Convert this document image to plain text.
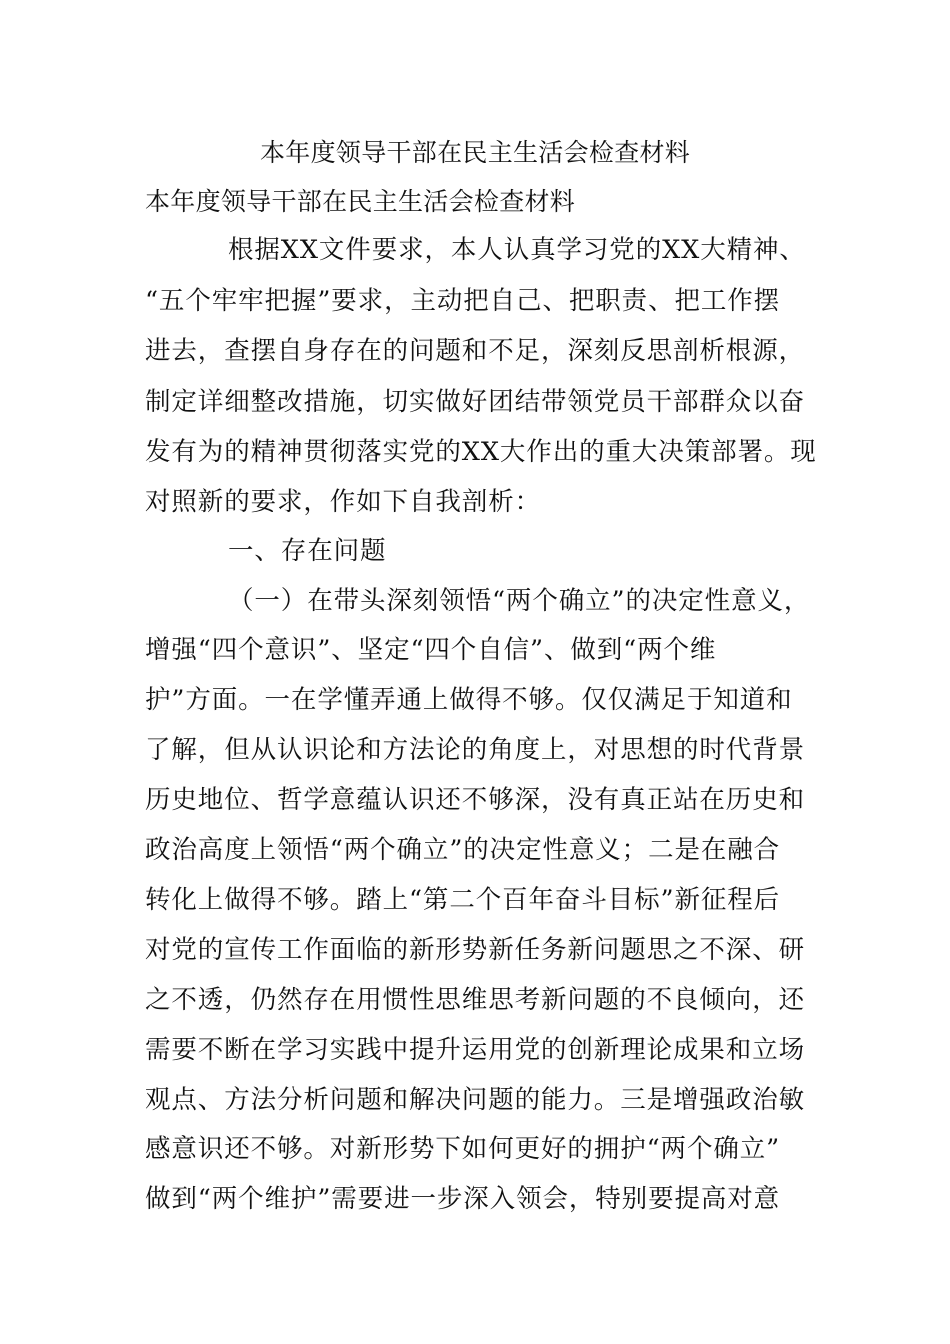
本年度领导干部在民主生活会检查材料
本年度领导干部在民主生活会检查材料
根据XX文件要求，本人认真学习党的XX大精神、
“五个牢牢把握”要求，主动把自己、把职责、把工作摆
进去，查摆自身存在的问题和不足，深刻反思剖析根源，
制定详细整改措施，切实做好团结带领党员干部群众以奋
发有为的精神贯彻落实党的XX大作出的重大决策部署。现
对照新的要求，作如下自我剖析：
一、存在问题
（一）在带头深刻领悟“两个确立”的决定性意义，
增强“四个意识”、坚定“四个自信”、做到“两个维
护”方面。一在学懂弄通上做得不够。仅仅满足于知道和
了解，但从认识论和方法论的角度上，对思想的时代背景
历史地位、哲学意蕴认识还不够深，没有真正站在历史和
政治高度上领悟“两个确立”的决定性意义；二是在融合
转化上做得不够。踏上“第二个百年奋斗目标”新征程后
对党的宣传工作面临的新形势新任务新问题思之不深、研
之不透，仍然存在用惯性思维思考新问题的不良倾向，还
需要不断在学习实践中提升运用党的创新理论成果和立场
观点、方法分析问题和解决问题的能力。三是增强政治敏
感意识还不够。对新形势下如何更好的拥护“两个确立”
做到“两个维护”需要进一步深入领会，特别要提高对意
